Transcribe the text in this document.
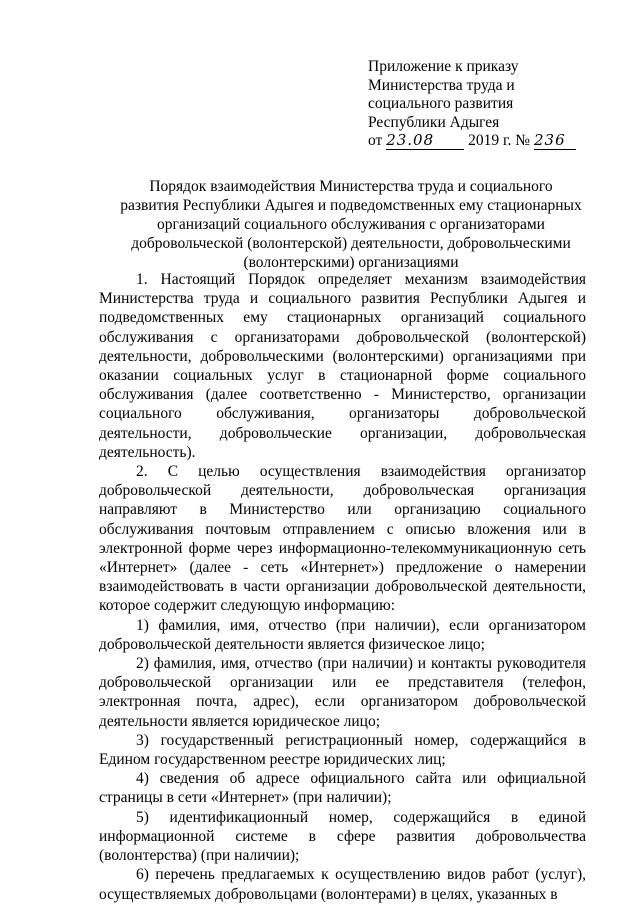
Приложение к приказу
Министерства труда и
социального развития
Республики Адыгея
от 23.08 2019 г. № 236
Порядок взаимодействия Министерства труда и социального
развития Республики Адыгея и подведомственных ему стационарных
организаций социального обслуживания с организаторами
добровольческой (волонтерской) деятельности, добровольческими
(волонтерскими) организациями

1. Настоящий Порядок определяет механизм взаимодействия Министерства труда и социального развития Республики Адыгея и подведомственных ему стационарных организаций социального обслуживания с организаторами добровольческой (волонтерской) деятельности, добровольческими (волонтерскими) организациями при оказании социальных услуг в стационарной форме социального обслуживания (далее соответственно - Министерство, организации социального обслуживания, организаторы добровольческой деятельности, добровольческие организации, добровольческая деятельность).

2. С целью осуществления взаимодействия организатор добровольческой деятельности, добровольческая организация направляют в Министерство или организацию социального обслуживания почтовым отправлением с описью вложения или в электронной форме через информационно-телекоммуникационную сеть «Интернет» (далее - сеть «Интернет») предложение о намерении взаимодействовать в части организации добровольческой деятельности, которое содержит следующую информацию:

1) фамилия, имя, отчество (при наличии), если организатором добровольческой деятельности является физическое лицо;

2) фамилия, имя, отчество (при наличии) и контакты руководителя добровольческой организации или ее представителя (телефон, электронная почта, адрес), если организатором добровольческой деятельности является юридическое лицо;

3) государственный регистрационный номер, содержащийся в Едином государственном реестре юридических лиц;

4) сведения об адресе официального сайта или официальной страницы в сети «Интернет» (при наличии);

5) идентификационный номер, содержащийся в единой информационной системе в сфере развития добровольчества (волонтерства) (при наличии);

6) перечень предлагаемых к осуществлению видов работ (услуг), осуществляемых добровольцами (волонтерами) в целях, указанных в
